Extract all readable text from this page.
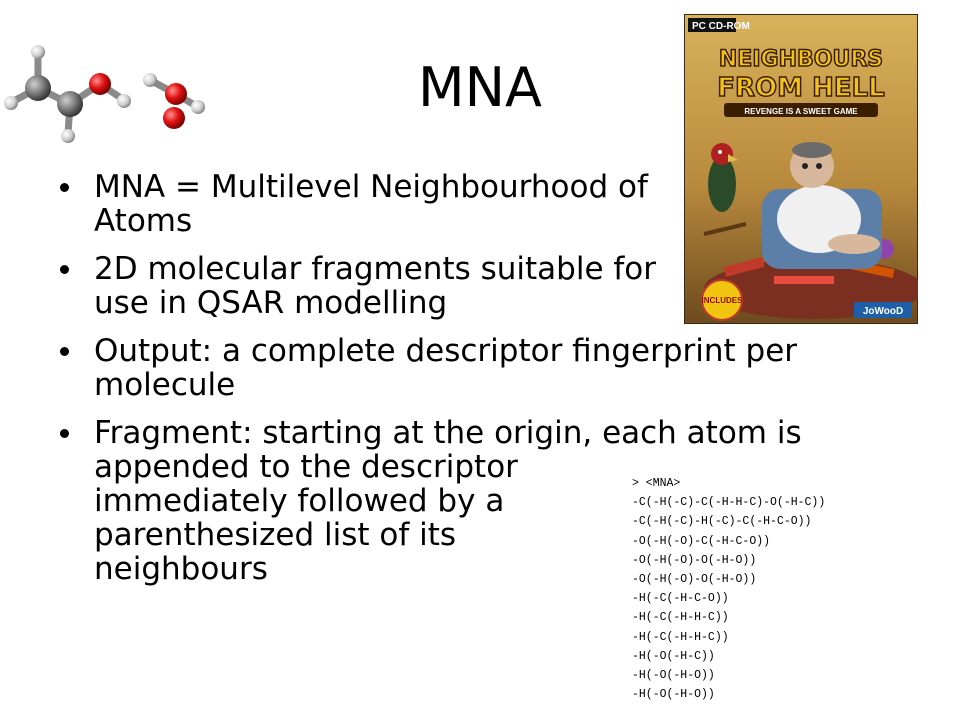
MNA
PC CD-ROM
NEIGHBOURS
FROM HELL
REVENGE IS A SWEET GAME
INCLUDES
JoWooD
MNA = Multilevel Neighbourhood of Atoms
2D molecular fragments suitable for use in QSAR modelling
Output: a complete descriptor fingerprint per molecule
Fragment: starting at the origin, each atom is
appended to the descriptor
immediately followed by a
parenthesized list of its
neighbours
> <MNA>
-C(-H(-C)-C(-H-H-C)-O(-H-C))
-C(-H(-C)-H(-C)-C(-H-C-O))
-O(-H(-O)-C(-H-C-O))
-O(-H(-O)-O(-H-O))
-O(-H(-O)-O(-H-O))
-H(-C(-H-C-O))
-H(-C(-H-H-C))
-H(-C(-H-H-C))
-H(-O(-H-C))
-H(-O(-H-O))
-H(-O(-H-O))
